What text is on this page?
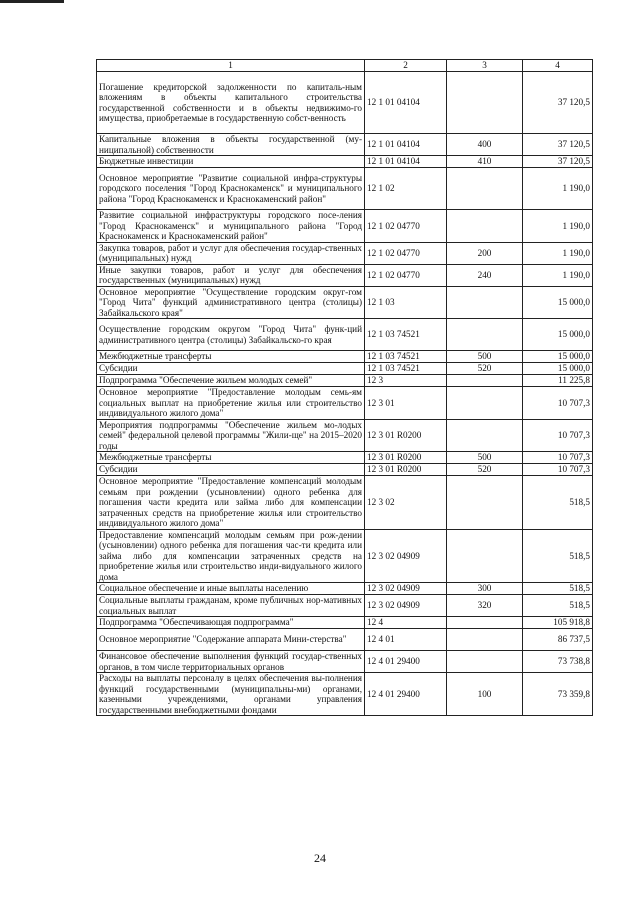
1	2	3	4
Погашение кредиторской задолженности по капиталь-ным вложениям в объекты капитального строительства государственной собственности и в объекты недвижимо-го имущества, приобретаемые в государственную собст-венность	12 1 01 04104		37 120,5
Капитальные вложения в объекты государственной (му-ниципальной) собственности	12 1 01 04104	400	37 120,5
Бюджетные инвестиции	12 1 01 04104	410	37 120,5
Основное мероприятие "Развитие социальной инфра-структуры городского поселения "Город Краснокаменск" и муниципального района "Город Краснокаменск и Краснокаменский район"	12 1 02		1 190,0
Развитие социальной инфраструктуры городского посе-ления "Город Краснокаменск" и муниципального района "Город Краснокаменск и Краснокаменский район"	12 1 02 04770		1 190,0
Закупка товаров, работ и услуг для обеспечения государ-ственных (муниципальных) нужд	12 1 02 04770	200	1 190,0
Иные закупки товаров, работ и услуг для обеспечения государственных (муниципальных) нужд	12 1 02 04770	240	1 190,0
Основное мероприятие "Осуществление городским округ-гом "Город Чита" функций административного центра (столицы) Забайкальского края"	12 1 03		15 000,0
Осуществление городским округом "Город Чита" функ-ций административного центра (столицы) Забайкальско-го края	12 1 03 74521		15 000,0
Межбюджетные трансферты	12 1 03 74521	500	15 000,0
Субсидии	12 1 03 74521	520	15 000,0
Подпрограмма "Обеспечение жильем молодых семей"	12 3		11 225,8
Основное мероприятие "Предоставление молодым семь-ям социальных выплат на приобретение жилья или строительство индивидуального жилого дома"	12 3 01		10 707,3
Мероприятия подпрограммы "Обеспечение жильем мо-лодых семей" федеральной целевой программы "Жили-ще" на 2015–2020 годы	12 3 01 R0200		10 707,3
Межбюджетные трансферты	12 3 01 R0200	500	10 707,3
Субсидии	12 3 01 R0200	520	10 707,3
Основное мероприятие "Предоставление компенсаций молодым семьям при рождении (усыновлении) одного ребенка для погашения части кредита или займа либо для компенсации затраченных средств на приобретение жилья или строительство индивидуального жилого дома"	12 3 02		518,5
Предоставление компенсаций молодым семьям при рож-дении (усыновлении) одного ребенка для погашения час-ти кредита или займа либо для компенсации затраченных средств на приобретение жилья или строительство инди-видуального жилого дома	12 3 02 04909		518,5
Социальное обеспечение и иные выплаты населению	12 3 02 04909	300	518,5
Социальные выплаты гражданам, кроме публичных нор-мативных социальных выплат	12 3 02 04909	320	518,5
Подпрограмма "Обеспечивающая подпрограмма"	12 4		105 918,8
Основное мероприятие "Содержание аппарата Мини-стерства"	12 4 01		86 737,5
Финансовое обеспечение выполнения функций государ-ственных органов, в том числе территориальных органов	12 4 01 29400		73 738,8
Расходы на выплаты персоналу в целях обеспечения вы-полнения функций государственными (муниципальны-ми) органами, казенными учреждениями, органами управления государственными внебюджетными фондами	12 4 01 29400	100	73 359,8
24
